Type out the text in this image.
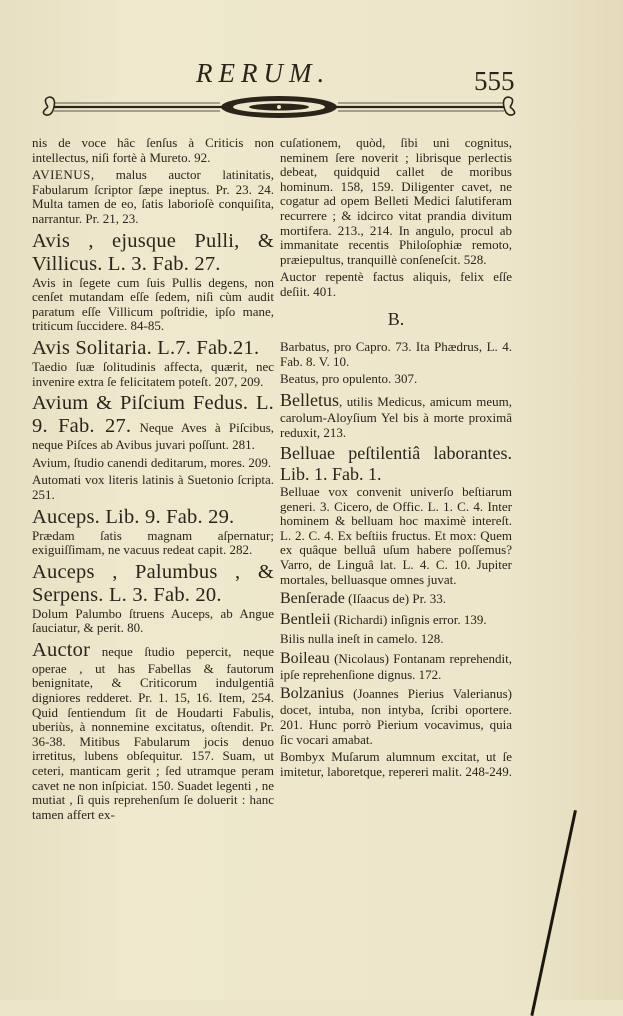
RERUM.	555

nis de voce hâc ſenſus à Criticis non intellectus, niſi fortè à Mureto. 92.

AVIENUS, malus auctor latinitatis, Fabularum ſcriptor ſæpe ineptus. Pr. 23. 24. Multa tamen de eo, ſatis laborioſè conquiſita, narrantur. Pr. 21, 23.

Avis , ejusque Pulli, & Villicus. L. 3. Fab. 27.
Avis in ſegete cum ſuis Pullis degens, non cenſet mutandam eſſe ſedem, niſi cùm audit paratum eſſe Villicum poſtridie, ipſo mane, triticum ſuccidere. 84-85.

Avis Solitaria. L.7. Fab.21.
Taedio ſuæ ſolitudinis affecta, quærit, nec invenire extra ſe felicitatem poteſt. 207, 209.

Avium & Piſcium Fedus. L. 9. Fab. 27. Neque Aves à Piſcibus, neque Piſces ab Avibus juvari poſſunt. 281.

Avium, ſtudio canendi deditarum, mores. 209.

Automati vox literis latinis à Suetonio ſcripta. 251.

Auceps. Lib. 9. Fab. 29.
Prædam ſatis magnam aſpernatur; exiguiſſimam, ne vacuus redeat capit. 282.

Auceps , Palumbus , & Serpens. L. 3. Fab. 20.
Dolum Palumbo ſtruens Auceps, ab Angue ſauciatur, & perit. 80.

Auctor neque ſtudio pepercit, neque operae , ut has Fabellas & fautorum benignitate, & Criticorum indulgentiâ digniores redderet. Pr. 1. 15, 16. Item, 254. Quid ſentiendum ſit de Houdarti Fabulis, uberiùs, à nonnemine excitatus, oſtendit. Pr. 36-38. Mitibus Fabularum jocis denuo irretitus, lubens obſequitur. 157. Suam, ut ceteri, manticam gerit ; ſed utramque peram cavet ne non inſpiciat. 150. Suadet legenti , ne mutiat , ſi quis reprehenſum ſe doluerit : hanc tamen affert ex-

cuſationem, quòd, ſibi uni cognitus, neminem ſere noverit ; librisque perlectis debeat, quidquid callet de moribus hominum. 158, 159. Diligenter cavet, ne cogatur ad opem Belleti Medici ſalutiferam recurrere ; & idcirco vitat prandia divitum mortifera. 213., 214. In angulo, procul ab immanitate recentis Philoſophiæ remoto, præiepultus, tranquillè conſeneſcit. 528.

Auctor repentè factus aliquis, felix eſſe deſiit. 401.

B.

Barbatus, pro Capro. 73. Ita Phædrus, L. 4. Fab. 8. V. 10.

Beatus, pro opulento. 307.

Belletus, utilis Medicus, amicum meum, carolum-Aloyſium Yel bis à morte proximâ reduxit, 213.

Belluae peſtilentiâ laborantes. Lib. 1. Fab. 1.
Belluae vox convenit univerſo beſtiarum generi. 3. Cicero, de Offic. L. 1. C. 4. Inter hominem & belluam hoc maximè intereſt. L. 2. C. 4. Ex beſtiis fructus. Et mox: Quem ex quâque belluâ uſum habere poſſemus? Varro, de Linguâ lat. L. 4. C. 10. Jupiter mortales, belluasque omnes juvat.

Benſerade (Iſaacus de) Pr. 33.

Bentleii (Richardi) inſignis error. 139.

Bilis nulla ineſt in camelo. 128.

Boileau (Nicolaus) Fontanam reprehendit, ipſe reprehenſione dignus. 172.

Bolzanius (Joannes Pierius Valerianus) docet, intuba, non intyba, ſcribi oportere. 201. Hunc porrò Pierium vocavimus, quia ſic vocari amabat.

Bombyx Muſarum alumnum excitat, ut ſe imitetur, laboretque, repereri malit. 248-249.
